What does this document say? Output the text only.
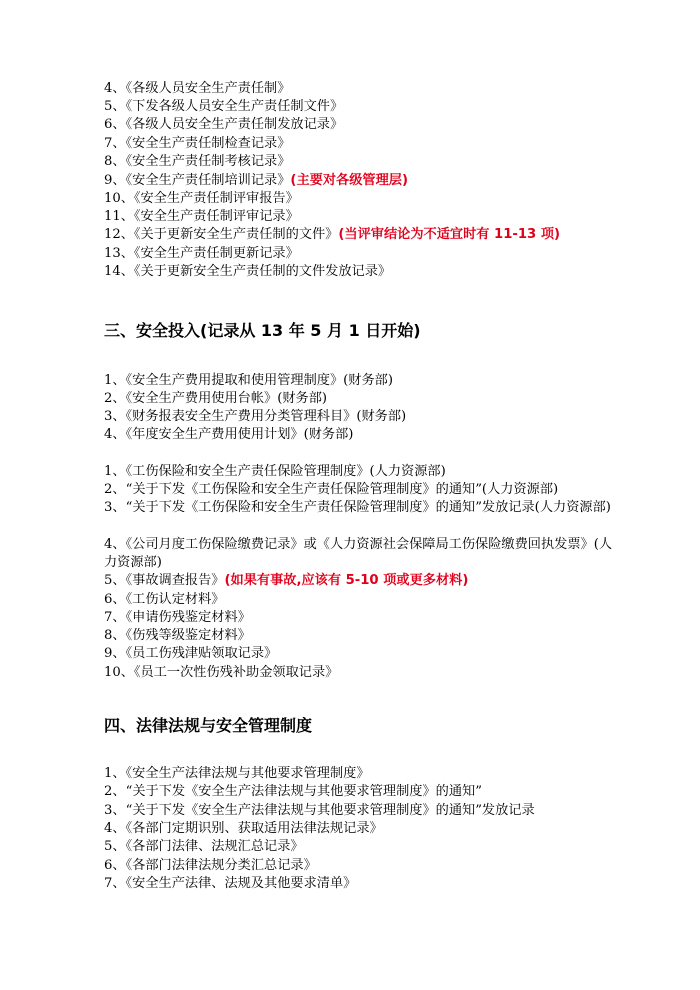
4、《各级人员安全生产责任制》
5、《下发各级人员安全生产责任制文件》
6、《各级人员安全生产责任制发放记录》
7、《安全生产责任制检查记录》
8、《安全生产责任制考核记录》
9、《安全生产责任制培训记录》(主要对各级管理层)
10、《安全生产责任制评审报告》
11、《安全生产责任制评审记录》
12、《关于更新安全生产责任制的文件》(当评审结论为不适宜时有 11-13 项)
13、《安全生产责任制更新记录》
14、《关于更新安全生产责任制的文件发放记录》
三、安全投入(记录从 13 年 5 月 1 日开始)
1、《安全生产费用提取和使用管理制度》(财务部)
2、《安全生产费用使用台帐》(财务部)
3、《财务报表安全生产费用分类管理科目》(财务部)
4、《年度安全生产费用使用计划》(财务部)
1、《工伤保险和安全生产责任保险管理制度》(人力资源部)
2、“关于下发《工伤保险和安全生产责任保险管理制度》的通知”(人力资源部)
3、“关于下发《工伤保险和安全生产责任保险管理制度》的通知”发放记录(人力资源部)
4、《公司月度工伤保险缴费记录》或《人力资源社会保障局工伤保险缴费回执发票》(人力资源部)
5、《事故调查报告》(如果有事故,应该有 5-10 项或更多材料)
6、《工伤认定材料》
7、《申请伤残鉴定材料》
8、《伤残等级鉴定材料》
9、《员工伤残津贴领取记录》
10、《员工一次性伤残补助金领取记录》
四、法律法规与安全管理制度
1、《安全生产法律法规与其他要求管理制度》
2、“关于下发《安全生产法律法规与其他要求管理制度》的通知”
3、“关于下发《安全生产法律法规与其他要求管理制度》的通知”发放记录
4、《各部门定期识别、获取适用法律法规记录》
5、《各部门法律、法规汇总记录》
6、《各部门法律法规分类汇总记录》
7、《安全生产法律、法规及其他要求清单》
